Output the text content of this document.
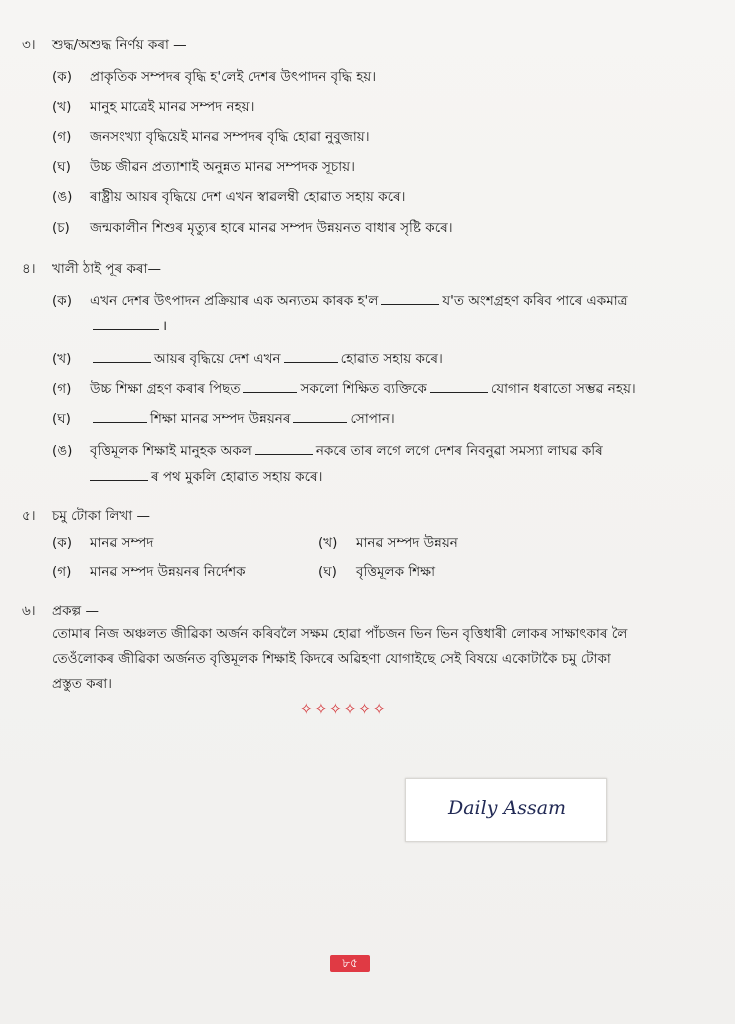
৩। শুদ্ধ/অশুদ্ধ নিৰ্ণয় কৰা —
(ক) প্ৰাকৃতিক সম্পদৰ বৃদ্ধি হ'লেই দেশৰ উৎপাদন বৃদ্ধি হয়।
(খ) মানুহ মাত্ৰেই মানৱ সম্পদ নহয়।
(গ) জনসংখ্যা বৃদ্ধিয়েই মানৱ সম্পদৰ বৃদ্ধি হোৱা নুবুজায়।
(ঘ) উচ্চ জীৱন প্ৰত্যাশাই অনুন্নত মানৱ সম্পদক সূচায়।
(ঙ) ৰাষ্ট্ৰীয় আয়ৰ বৃদ্ধিয়ে দেশ এখন স্বাৱলম্বী হোৱাত সহায় কৰে।
(চ) জন্মকালীন শিশুৰ মৃত্যুৰ হাৰে মানৱ সম্পদ উন্নয়নত বাধাৰ সৃষ্টি কৰে।
৪। খালী ঠাই পূৰ কৰা—
(ক) এখন দেশৰ উৎপাদন প্ৰক্ৰিয়াৰ এক অন্যতম কাৰক হ'ল	য'ত অংশগ্ৰহণ কৰিব পাৰে একমাত্ৰ
।
(খ)	আয়ৰ বৃদ্ধিয়ে দেশ এখন	হোৱাত সহায় কৰে।
(গ) উচ্চ শিক্ষা গ্ৰহণ কৰাৰ পিছত	সকলো শিক্ষিত ব্যক্তিকে	যোগান ধৰাতো সম্ভৱ নহয়।
(ঘ)	শিক্ষা মানৱ সম্পদ উন্নয়নৰ	সোপান।
(ঙ) বৃত্তিমূলক শিক্ষাই মানুহক অকল	নকৰে তাৰ লগে লগে দেশৰ নিবনুৱা সমস্যা লাঘৱ কৰি
ৰ পথ মুকলি হোৱাত সহায় কৰে।
৫। চমু টোকা লিখা —
(ক) মানৱ সম্পদ	(খ) মানৱ সম্পদ উন্নয়ন
(গ) মানৱ সম্পদ উন্নয়নৰ নিৰ্দেশক	(ঘ) বৃত্তিমূলক শিক্ষা
৬। প্ৰকল্প —
তোমাৰ নিজ অঞ্চলত জীৱিকা অৰ্জন কৰিবলৈ সক্ষম হোৱা পাঁচজন ভিন ভিন বৃত্তিধাৰী লোকৰ সাক্ষাৎকাৰ লৈ
তেওঁলোকৰ জীৱিকা অৰ্জনত বৃত্তিমূলক শিক্ষাই কিদৰে অৱিহণা যোগাইছে সেই বিষয়ে একোটাকৈ চমু টোকা
প্ৰস্তুত কৰা।
✧✧✧✧✧✧
Daily Assam
৮৫
